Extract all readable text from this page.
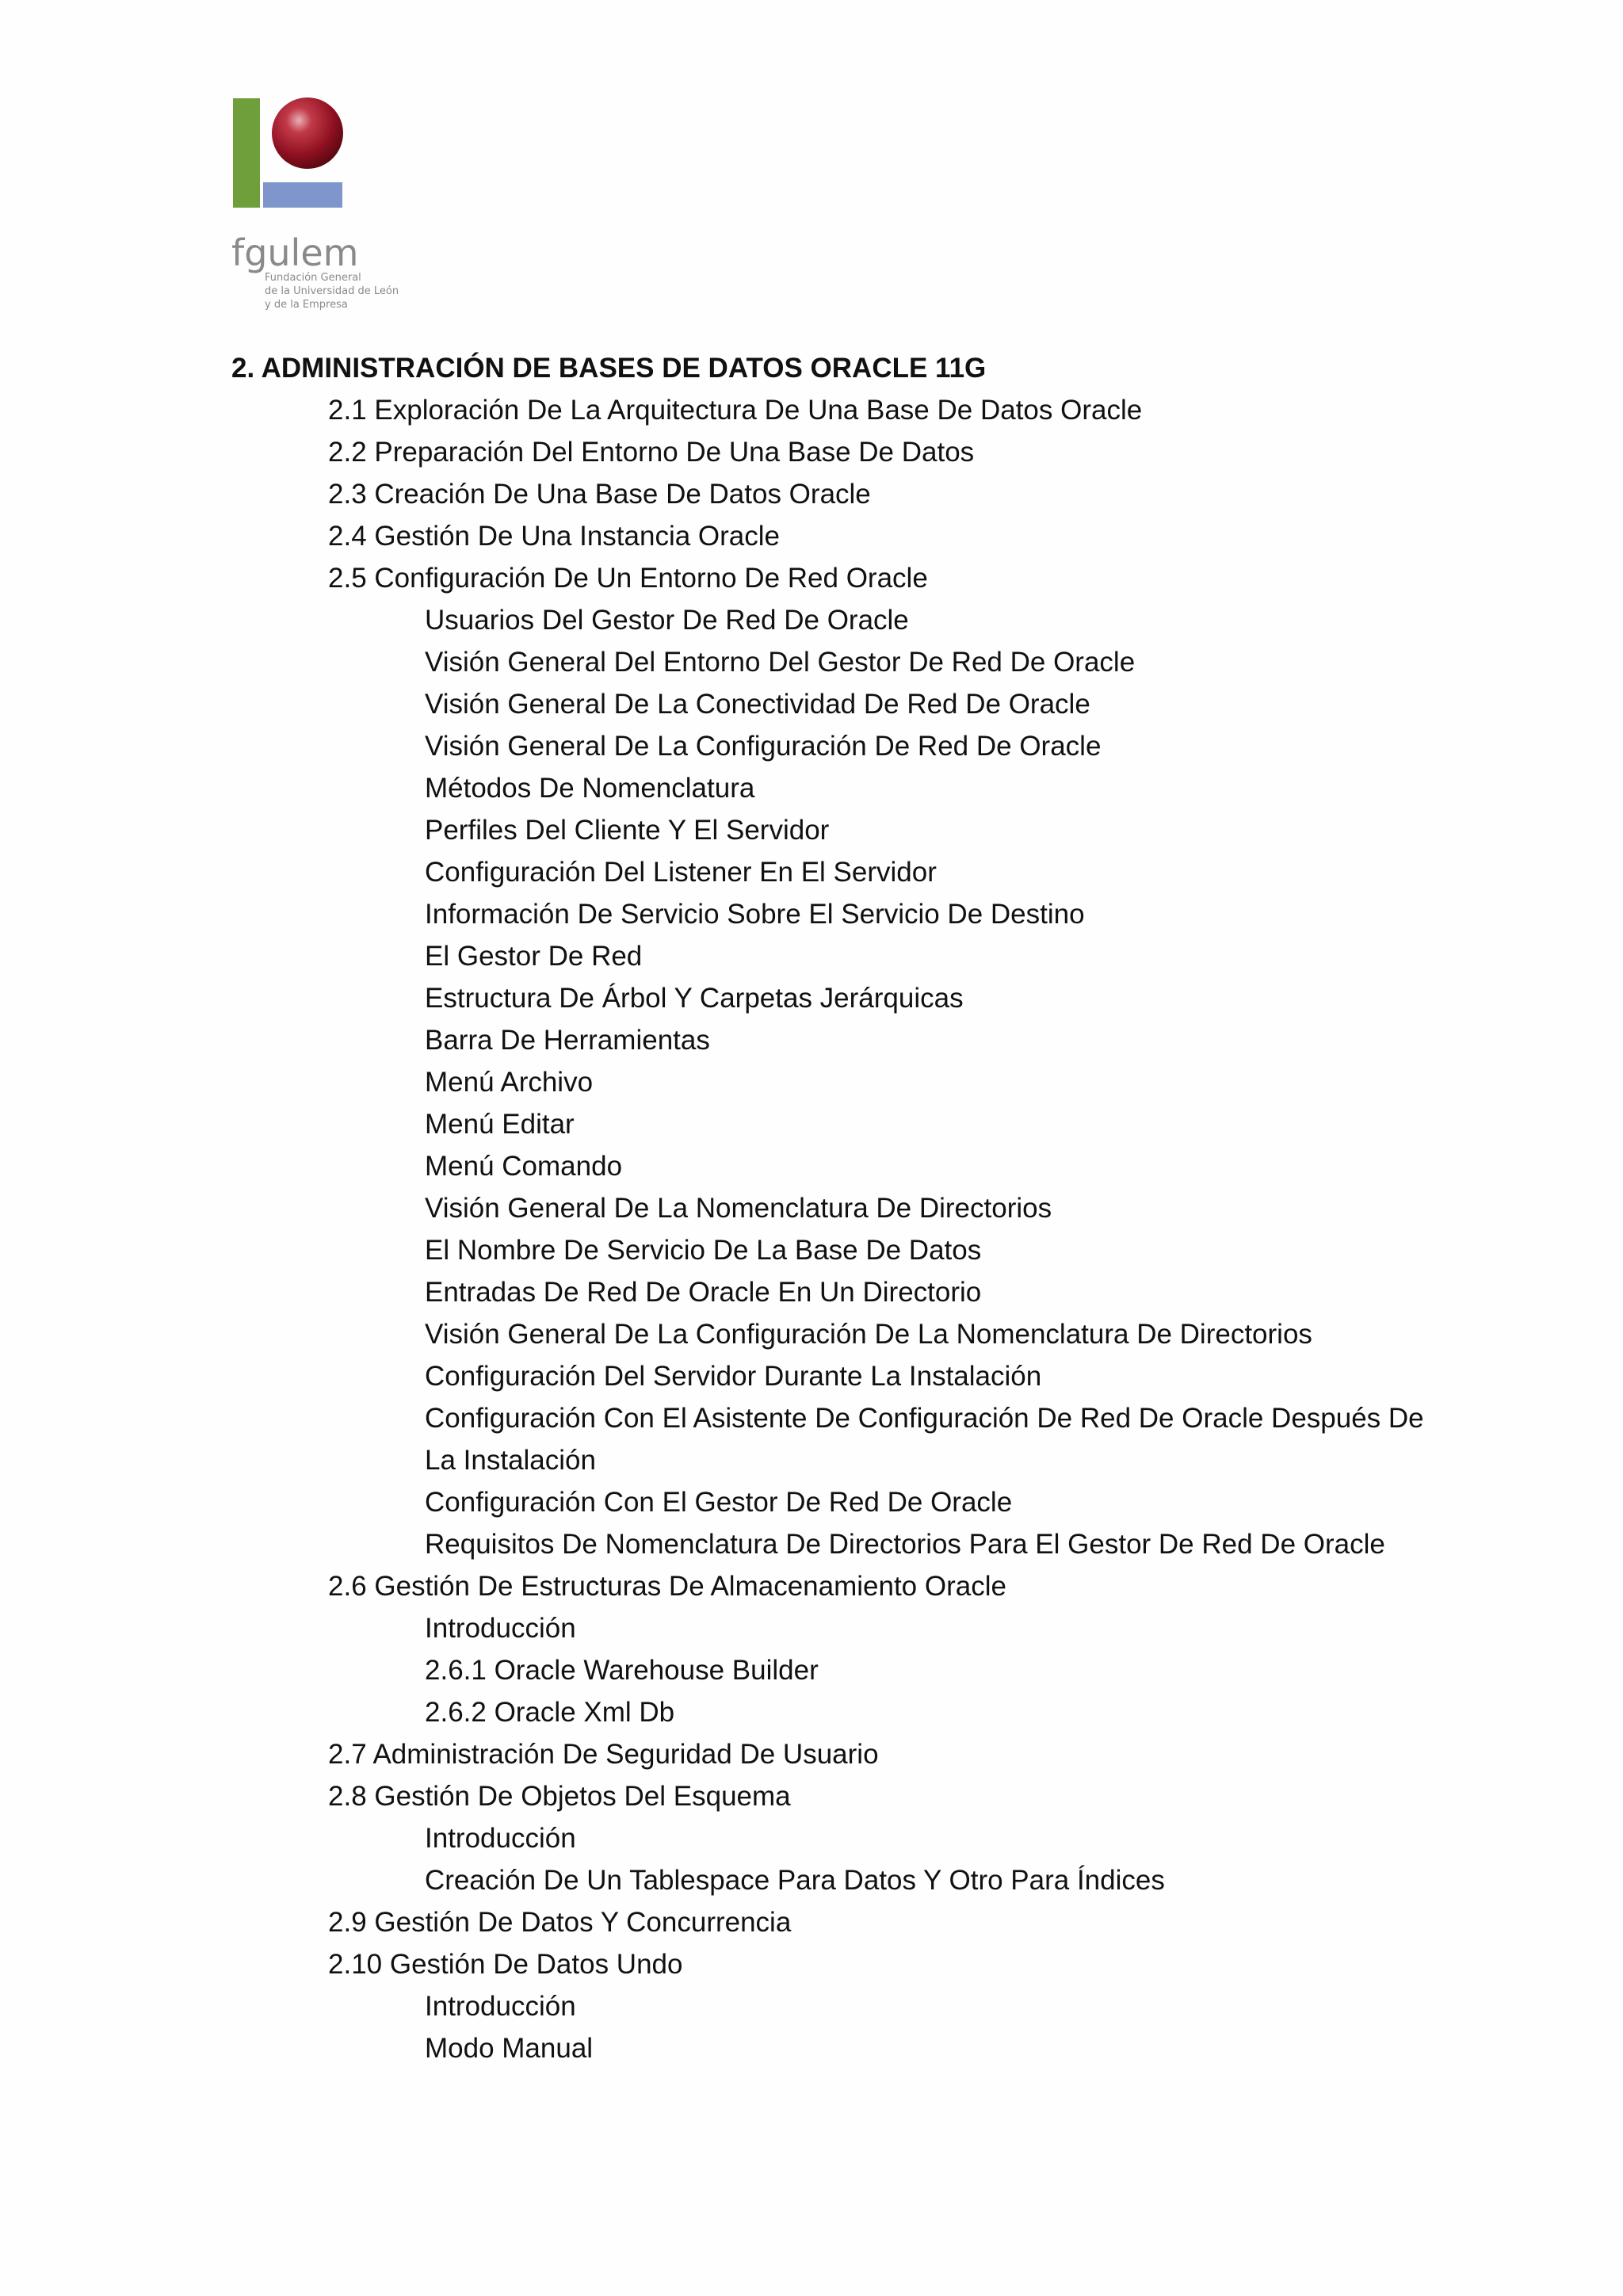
fgulem
Fundación General
de la Universidad de León
y de la Empresa
2. ADMINISTRACIÓN DE BASES DE DATOS ORACLE 11G
2.1 Exploración De La Arquitectura De Una Base De Datos Oracle
2.2 Preparación Del Entorno De Una Base De Datos
2.3 Creación De Una Base De Datos Oracle
2.4 Gestión De Una Instancia Oracle
2.5 Configuración De Un Entorno De Red Oracle
Usuarios Del Gestor De Red De Oracle
Visión General Del Entorno Del Gestor De Red De Oracle
Visión General De La Conectividad De Red De Oracle
Visión General De La Configuración De Red De Oracle
Métodos De Nomenclatura
Perfiles Del Cliente Y El Servidor
Configuración Del Listener En El Servidor
Información De Servicio Sobre El Servicio De Destino
El Gestor De Red
Estructura De Árbol Y Carpetas Jerárquicas
Barra De Herramientas
Menú Archivo
Menú Editar
Menú Comando
Visión General De La Nomenclatura De Directorios
El Nombre De Servicio De La Base De Datos
Entradas De Red De Oracle En Un Directorio
Visión General De La Configuración De La Nomenclatura De Directorios
Configuración Del Servidor Durante La Instalación
Configuración Con El Asistente De Configuración De Red De Oracle Después De
La Instalación
Configuración Con El Gestor De Red De Oracle
Requisitos De Nomenclatura De Directorios Para El Gestor De Red De Oracle
2.6 Gestión De Estructuras De Almacenamiento Oracle
Introducción
2.6.1 Oracle Warehouse Builder
2.6.2 Oracle Xml Db
2.7 Administración De Seguridad De Usuario
2.8 Gestión De Objetos Del Esquema
Introducción
Creación De Un Tablespace Para Datos Y Otro Para Índices
2.9 Gestión De Datos Y Concurrencia
2.10 Gestión De Datos Undo
Introducción
Modo Manual
